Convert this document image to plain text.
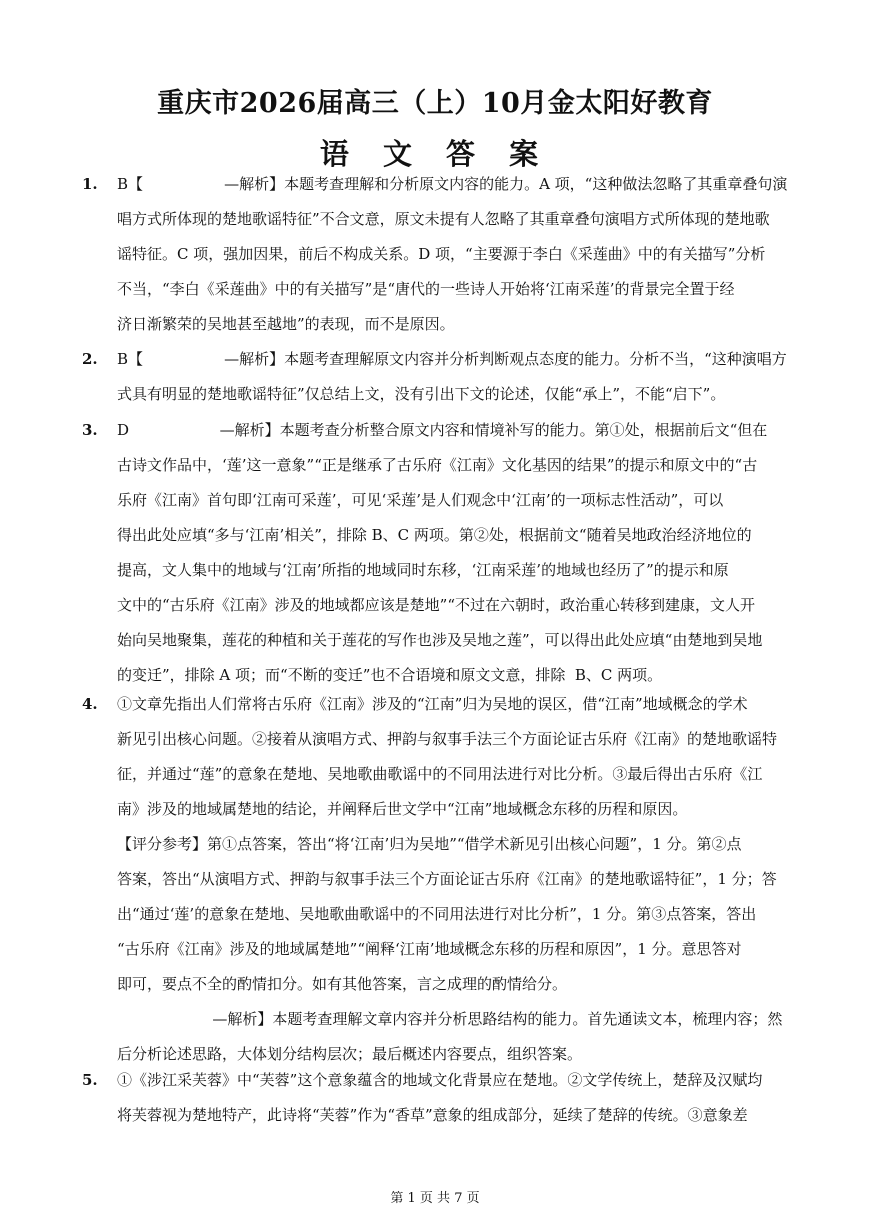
重庆市2026届高三（上）10月金太阳好教育
语 文 答 案
1. B【                 —解析】本题考查理解和分析原文内容的能力。A 项，“这种做法忽略了其重章叠句演
唱方式所体现的楚地歌谣特征”不合文意，原文未提有人忽略了其重章叠句演唱方式所体现的楚地歌
谣特征。C 项，强加因果，前后不构成关系。D 项，“主要源于李白《采莲曲》中的有关描写”分析
不当，“李白《采莲曲》中的有关描写”是“唐代的一些诗人开始将‘江南采莲’的背景完全置于经
济日渐繁荣的吴地甚至越地”的表现，而不是原因。
2. B【                 —解析】本题考查理解原文内容并分析判断观点态度的能力。分析不当，“这种演唱方
式具有明显的楚地歌谣特征”仅总结上文，没有引出下文的论述，仅能“承上”，不能“启下”。
3. D                   —解析】本题考查分析整合原文内容和情境补写的能力。第①处，根据前后文“但在
古诗文作品中，‘莲’这一意象”“正是继承了古乐府《江南》文化基因的结果”的提示和原文中的“古
乐府《江南》首句即‘江南可采莲’，可见‘采莲’是人们观念中‘江南’的一项标志性活动”，可以
得出此处应填“多与‘江南’相关”，排除 B、C 两项。第②处，根据前文“随着吴地政治经济地位的
提高，文人集中的地域与‘江南’所指的地域同时东移，‘江南采莲’的地域也经历了”的提示和原
文中的“古乐府《江南》涉及的地域都应该是楚地”“不过在六朝时，政治重心转移到建康，文人开
始向吴地聚集，莲花的种植和关于莲花的写作也涉及吴地之莲”，可以得出此处应填“由楚地到吴地
的变迁”，排除 A 项；而“不断的变迁”也不合语境和原文文意，排除  B、C 两项。
4. ①文章先指出人们常将古乐府《江南》涉及的“江南”归为吴地的误区，借“江南”地域概念的学术
新见引出核心问题。②接着从演唱方式、押韵与叙事手法三个方面论证古乐府《江南》的楚地歌谣特
征，并通过“莲”的意象在楚地、吴地歌曲歌谣中的不同用法进行对比分析。③最后得出古乐府《江
南》涉及的地域属楚地的结论，并阐释后世文学中“江南”地域概念东移的历程和原因。
【评分参考】第①点答案，答出“将‘江南’归为吴地”“借学术新见引出核心问题”，1 分。第②点
答案，答出“从演唱方式、押韵与叙事手法三个方面论证古乐府《江南》的楚地歌谣特征”，1 分；答
出“通过‘莲’的意象在楚地、吴地歌曲歌谣中的不同用法进行对比分析”，1 分。第③点答案，答出
“古乐府《江南》涉及的地域属楚地”“阐释‘江南’地域概念东移的历程和原因”，1 分。意思答对
即可，要点不全的酌情扣分。如有其他答案，言之成理的酌情给分。
—解析】本题考查理解文章内容并分析思路结构的能力。首先通读文本，梳理内容；然
后分析论述思路，大体划分结构层次；最后概述内容要点，组织答案。
5. ①《涉江采芙蓉》中“芙蓉”这个意象蕴含的地域文化背景应在楚地。②文学传统上，楚辞及汉赋均
将芙蓉视为楚地特产，此诗将“芙蓉”作为“香草”意象的组成部分，延续了楚辞的传统。③意象差
第 1 页 共 7 页
